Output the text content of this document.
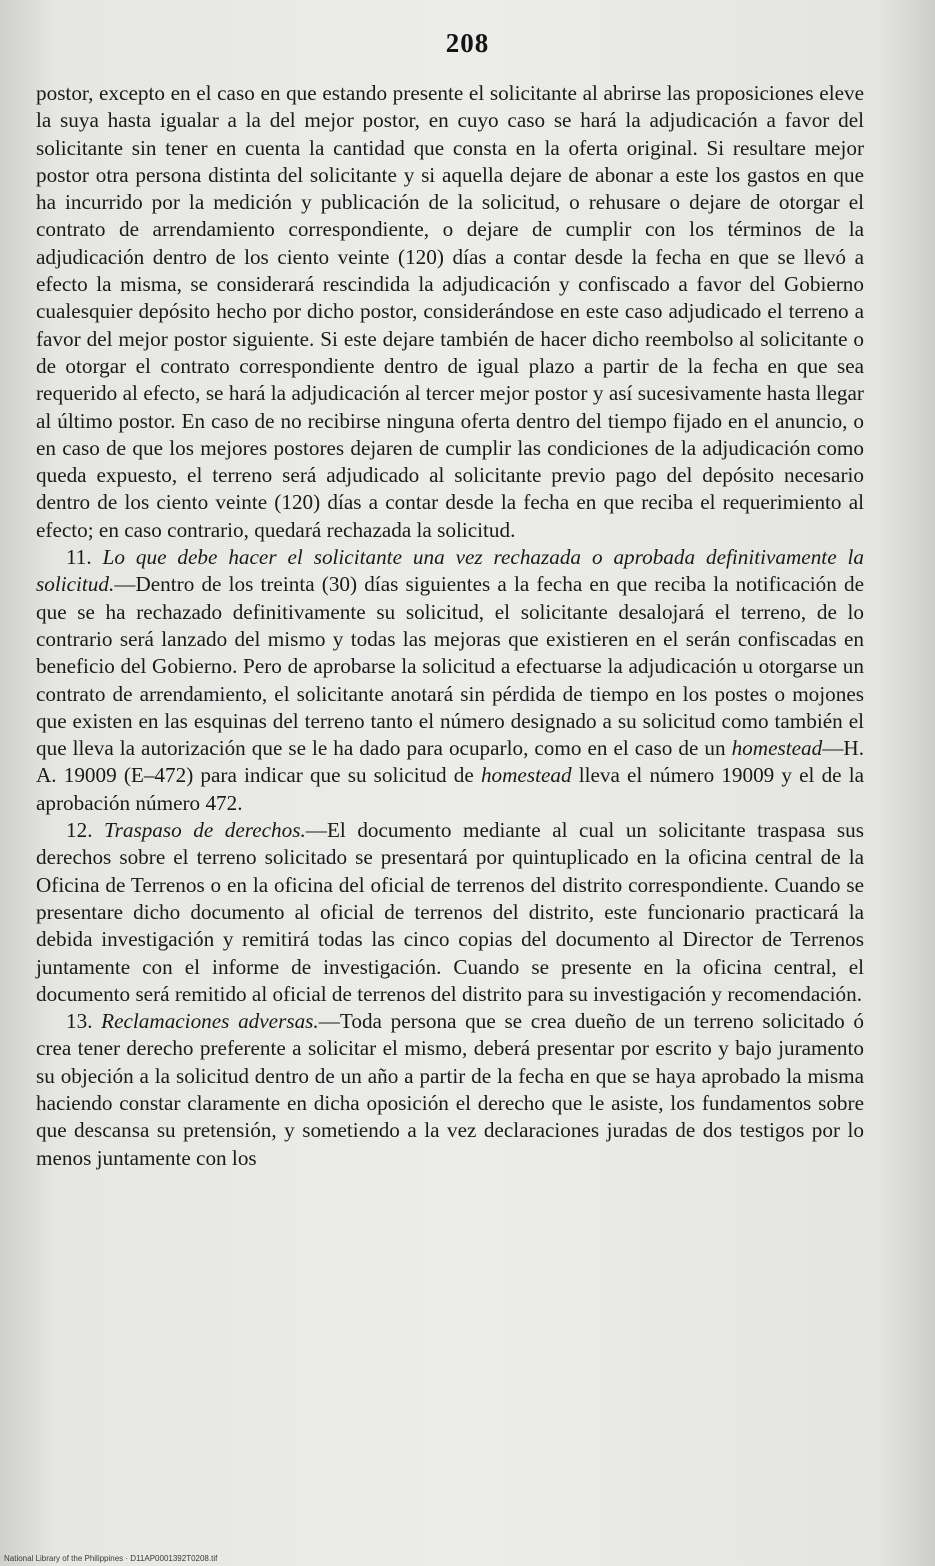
208

postor, excepto en el caso en que estando presente el solicitante al abrirse las proposiciones eleve la suya hasta igualar a la del mejor postor, en cuyo caso se hará la adjudicación a favor del solicitante sin tener en cuenta la cantidad que consta en la oferta original. Si resultare mejor postor otra persona distinta del solicitante y si aquella dejare de abonar a este los gastos en que ha incurrido por la medición y publicación de la solicitud, o rehusare o dejare de otorgar el contrato de arrendamiento correspondiente, o dejare de cumplir con los términos de la adjudicación dentro de los ciento veinte (120) días a contar desde la fecha en que se llevó a efecto la misma, se considerará rescindida la adjudicación y confiscado a favor del Gobierno cualesquier depósito hecho por dicho postor, considerándose en este caso adjudicado el terreno a favor del mejor postor siguiente. Si este dejare también de hacer dicho reembolso al solicitante o de otorgar el contrato correspondiente dentro de igual plazo a partir de la fecha en que sea requerido al efecto, se hará la adjudicación al tercer mejor postor y así sucesivamente hasta llegar al último postor. En caso de no recibirse ninguna oferta dentro del tiempo fijado en el anuncio, o en caso de que los mejores postores dejaren de cumplir las condiciones de la adjudicación como queda expuesto, el terreno será adjudicado al solicitante previo pago del depósito necesario dentro de los ciento veinte (120) días a contar desde la fecha en que reciba el requerimiento al efecto; en caso contrario, quedará rechazada la solicitud.

11. Lo que debe hacer el solicitante una vez rechazada o aprobada definitivamente la solicitud.—Dentro de los treinta (30) días siguientes a la fecha en que reciba la notificación de que se ha rechazado definitivamente su solicitud, el solicitante desalojará el terreno, de lo contrario será lanzado del mismo y todas las mejoras que existieren en el serán confiscadas en beneficio del Gobierno. Pero de aprobarse la solicitud a efectuarse la adjudicación u otorgarse un contrato de arrendamiento, el solicitante anotará sin pérdida de tiempo en los postes o mojones que existen en las esquinas del terreno tanto el número designado a su solicitud como también el que lleva la autorización que se le ha dado para ocuparlo, como en el caso de un homestead—H. A. 19009 (E–472) para indicar que su solicitud de homestead lleva el número 19009 y el de la aprobación número 472.

12. Traspaso de derechos.—El documento mediante al cual un solicitante traspasa sus derechos sobre el terreno solicitado se presentará por quintuplicado en la oficina central de la Oficina de Terrenos o en la oficina del oficial de terrenos del distrito correspondiente. Cuando se presentare dicho documento al oficial de terrenos del distrito, este funcionario practicará la debida investigación y remitirá todas las cinco copias del documento al Director de Terrenos juntamente con el informe de investigación. Cuando se presente en la oficina central, el documento será remitido al oficial de terrenos del distrito para su investigación y recomendación.

13. Reclamaciones adversas.—Toda persona que se crea dueño de un terreno solicitado ó crea tener derecho preferente a solicitar el mismo, deberá presentar por escrito y bajo juramento su objeción a la solicitud dentro de un año a partir de la fecha en que se haya aprobado la misma haciendo constar claramente en dicha oposición el derecho que le asiste, los fundamentos sobre que descansa su pretensión, y sometiendo a la vez declaraciones juradas de dos testigos por lo menos juntamente con los

National Library of the Philippines · D11AP0001392T0208.tif
